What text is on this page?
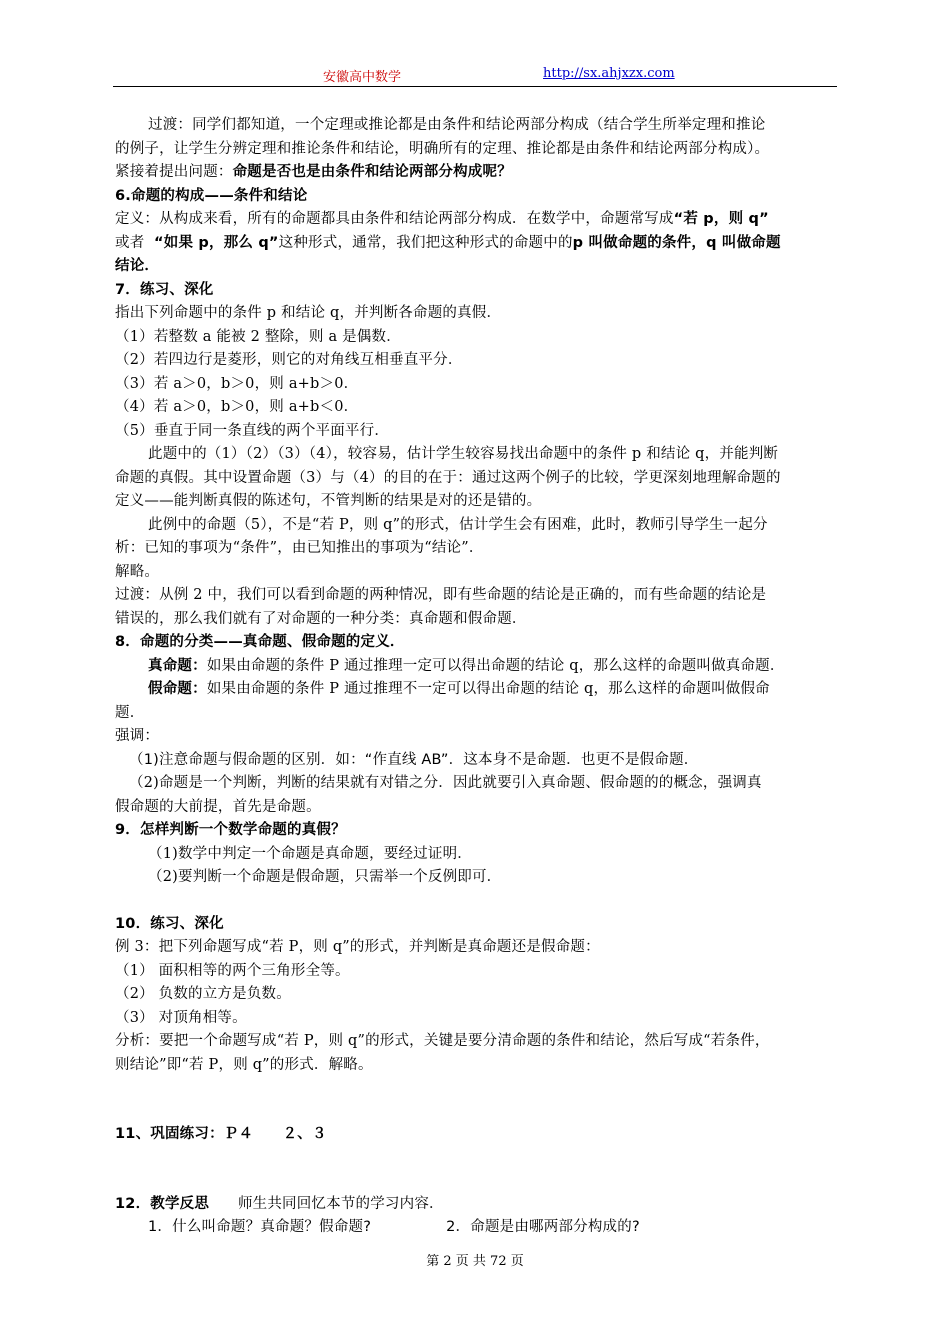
安徽高中数学	http://sx.ahjxzx.com
过渡：同学们都知道，一个定理或推论都是由条件和结论两部分构成（结合学生所举定理和推论
的例子，让学生分辨定理和推论条件和结论，明确所有的定理、推论都是由条件和结论两部分构成）。
紧接着提出问题：命题是否也是由条件和结论两部分构成呢？
6.命题的构成——条件和结论
定义：从构成来看，所有的命题都具由条件和结论两部分构成．在数学中，命题常写成“若 p，则 q”
或者 “如果 p，那么 q”这种形式，通常，我们把这种形式的命题中的p 叫做命题的条件，q 叫做命题
结论．
7．练习、深化
指出下列命题中的条件 p 和结论 q，并判断各命题的真假．
（1）若整数 a 能被 2 整除，则 a 是偶数．
（2）若四边行是菱形，则它的对角线互相垂直平分．
（3）若 a＞0，b＞0，则 a+b＞0．
（4）若 a＞0，b＞0，则 a+b＜0．
（5）垂直于同一条直线的两个平面平行．
此题中的（1）（2）（3）（4），较容易，估计学生较容易找出命题中的条件 p 和结论 q，并能判断
命题的真假。其中设置命题（3）与（4）的目的在于：通过这两个例子的比较，学更深刻地理解命题的
定义——能判断真假的陈述句，不管判断的结果是对的还是错的。
此例中的命题（5），不是“若 P，则 q”的形式，估计学生会有困难，此时，教师引导学生一起分
析：已知的事项为“条件”，由已知推出的事项为“结论”．
解略。
过渡：从例 2 中，我们可以看到命题的两种情况，即有些命题的结论是正确的，而有些命题的结论是
错误的，那么我们就有了对命题的一种分类：真命题和假命题．
8．命题的分类——真命题、假命题的定义．
真命题：如果由命题的条件 P 通过推理一定可以得出命题的结论 q，那么这样的命题叫做真命题．
假命题：如果由命题的条件 P 通过推理不一定可以得出命题的结论 q，那么这样的命题叫做假命
题．
强调：
（1)注意命题与假命题的区别．如：“作直线 AB”．这本身不是命题．也更不是假命题．
（2)命题是一个判断，判断的结果就有对错之分．因此就要引入真命题、假命题的的概念，强调真
假命题的大前提，首先是命题。
9．怎样判断一个数学命题的真假？
（1)数学中判定一个命题是真命题，要经过证明．
（2)要判断一个命题是假命题，只需举一个反例即可．
10．练习、深化
例 3：把下列命题写成“若 P，则 q”的形式，并判断是真命题还是假命题：
（1） 面积相等的两个三角形全等。
（2） 负数的立方是负数。
（3） 对顶角相等。
分析：要把一个命题写成“若 P，则 q”的形式，关键是要分清命题的条件和结论，然后写成“若条件，
则结论”即“若 P，则 q”的形式．解略。
11、巩固练习：Ｐ４　　２、３
12．教学反思 师生共同回忆本节的学习内容．
1．什么叫命题？真命题？假命题?	2．命题是由哪两部分构成的?
第 2 页 共 72 页
